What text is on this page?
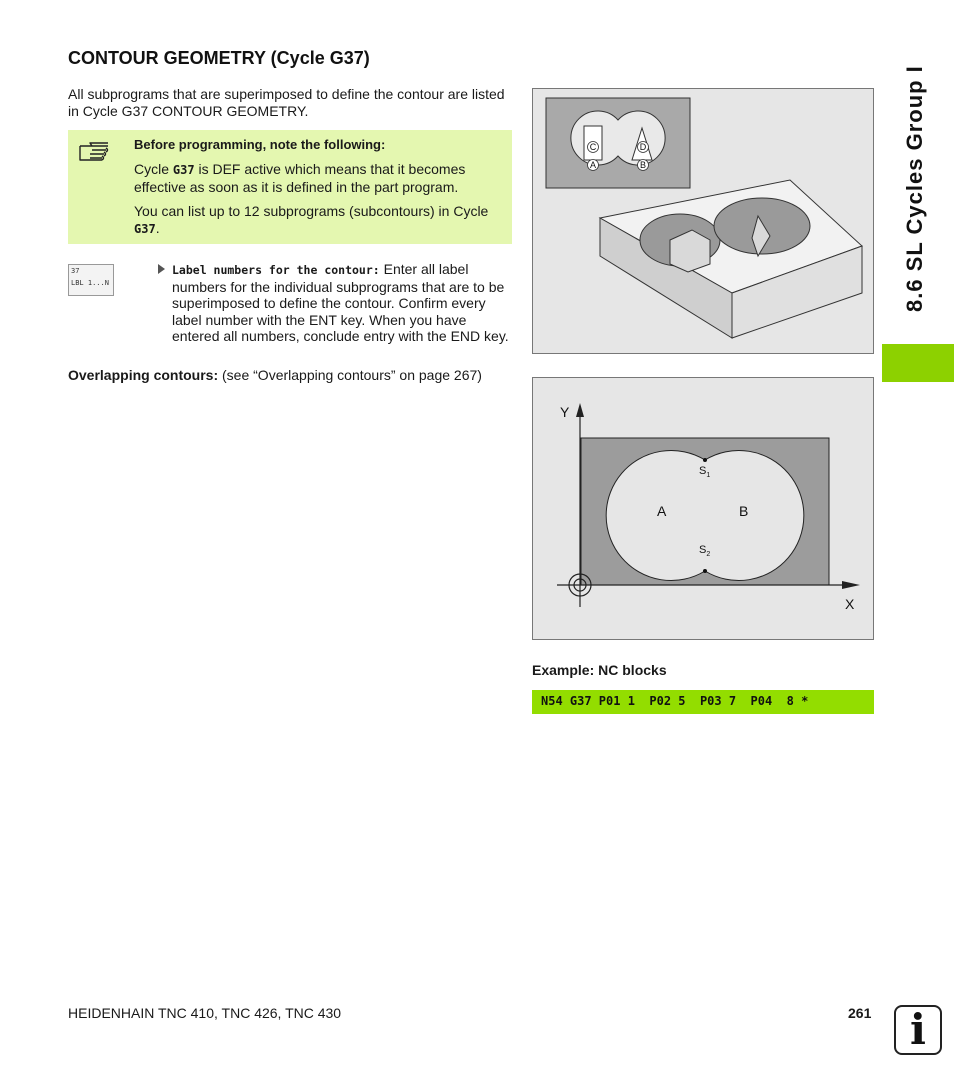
CONTOUR GEOMETRY (Cycle G37)
All subprograms that are superimposed to define the contour are listed in Cycle G37 CONTOUR GEOMETRY.
Before programming, note the following:
Cycle G37 is DEF active which means that it becomes effective as soon as it is defined in the part program.
You can list up to 12 subprograms (subcontours) in Cycle G37.
37
LBL 1...N
Label numbers for the contour: Enter all label numbers for the individual subprograms that are to be superimposed to define the contour. Confirm every label number with the ENT key. When you have entered all numbers, conclude entry with the END key.
Overlapping contours: (see “Overlapping contours” on page 267)
C	D
A	B
Y
X
A	B
$S_1$
$S_2$
Example: NC blocks
N54 G37 P01 1  P02 5  P03 7  P04  8 *
8.6 SL Cycles Group I
HEIDENHAIN TNC 410, TNC 426, TNC 430	261 i
